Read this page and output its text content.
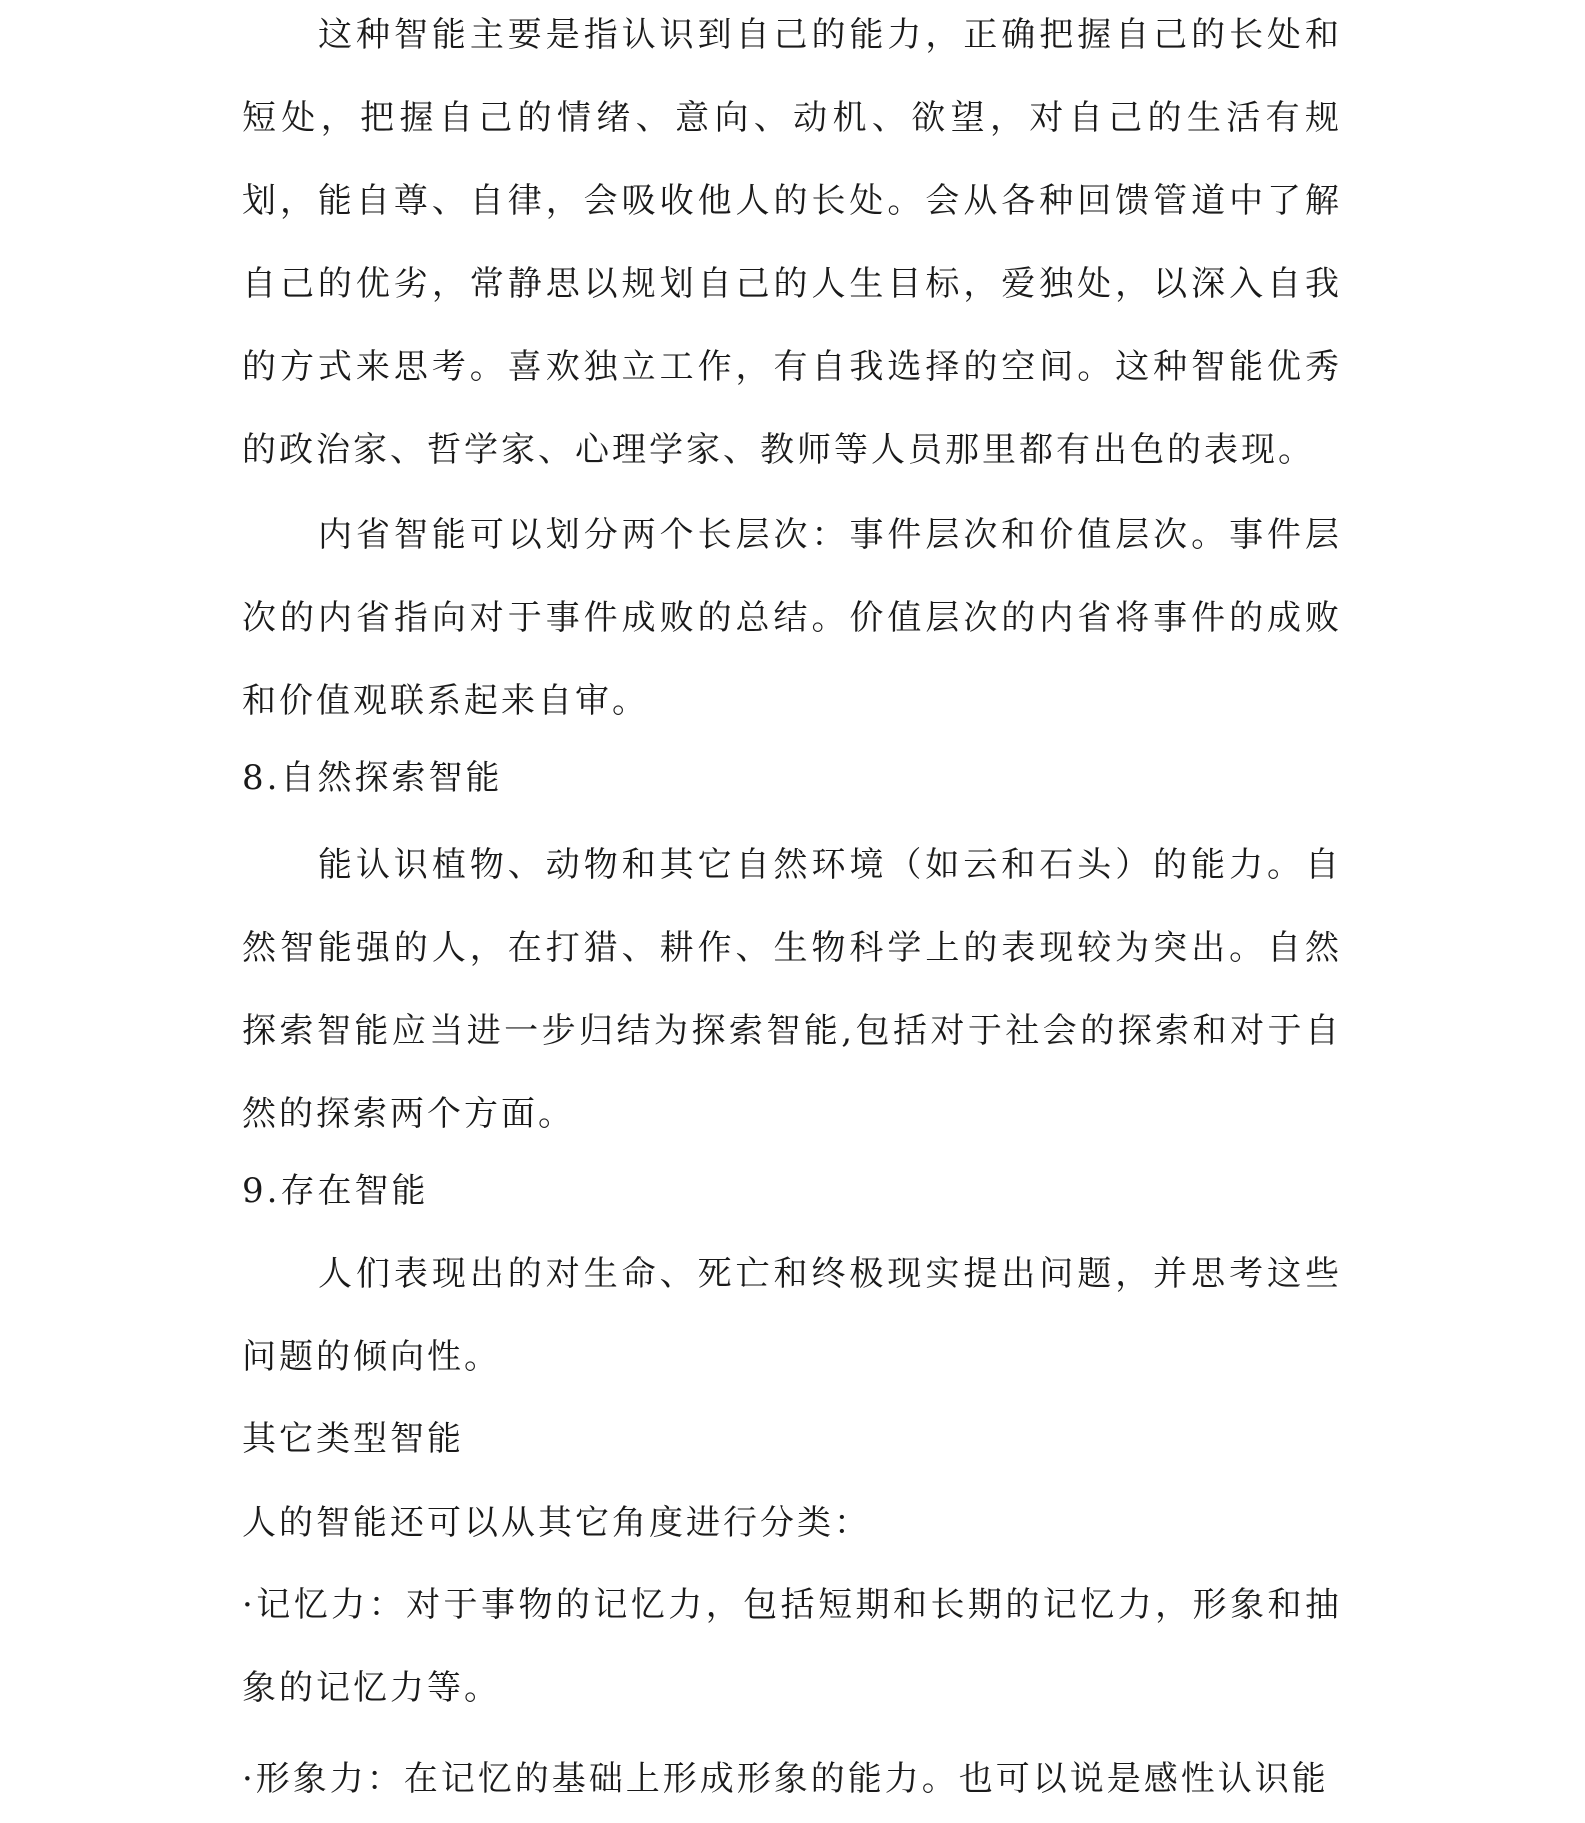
这种智能主要是指认识到自己的能力，正确把握自己的长处和短处，把握自己的情绪、意向、动机、欲望，对自己的生活有规划，能自尊、自律，会吸收他人的长处。会从各种回馈管道中了解自己的优劣，常静思以规划自己的人生目标，爱独处，以深入自我的方式来思考。喜欢独立工作，有自我选择的空间。这种智能优秀的政治家、哲学家、心理学家、教师等人员那里都有出色的表现。
内省智能可以划分两个长层次：事件层次和价值层次。事件层次的内省指向对于事件成败的总结。价值层次的内省将事件的成败和价值观联系起来自审。
8.自然探索智能
能认识植物、动物和其它自然环境（如云和石头）的能力。自然智能强的人，在打猎、耕作、生物科学上的表现较为突出。自然探索智能应当进一步归结为探索智能,包括对于社会的探索和对于自然的探索两个方面。
9.存在智能
人们表现出的对生命、死亡和终极现实提出问题，并思考这些问题的倾向性。
其它类型智能
人的智能还可以从其它角度进行分类：
·记忆力：对于事物的记忆力，包括短期和长期的记忆力，形象和抽象的记忆力等。
·形象力：在记忆的基础上形成形象的能力。也可以说是感性认识能
